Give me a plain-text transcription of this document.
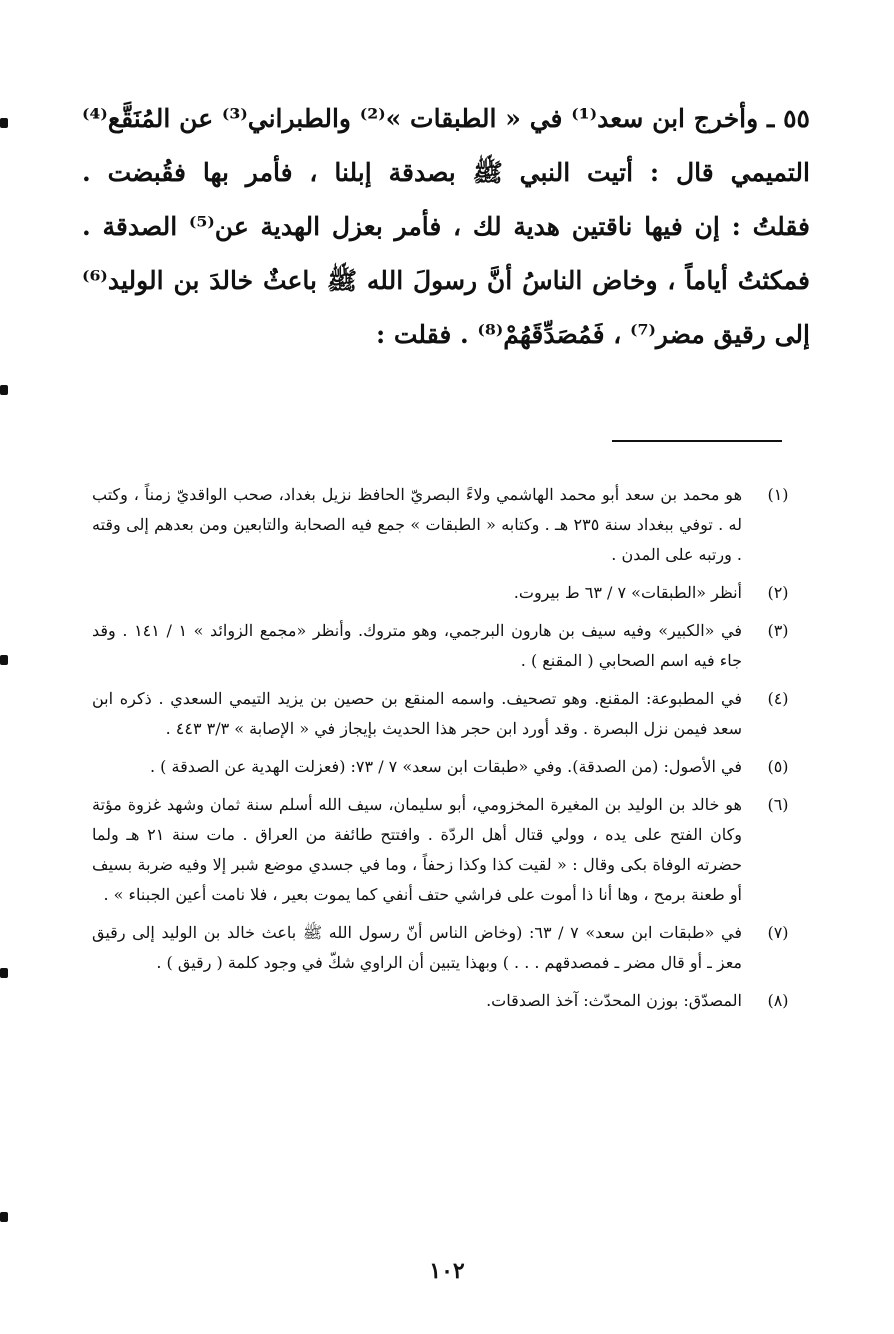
٥٥ ـ وأخرج ابن سعد⁽¹⁾ في « الطبقات »⁽²⁾ والطبراني⁽³⁾ عن المُنَقَّع⁽⁴⁾
التميمي قال : أتيت النبي ﷺ بصدقة إبلنا ، فأمر بها فقُبضت .
فقلتُ : إن فيها ناقتين هدية لك ، فأمر بعزل الهدية عن⁽⁵⁾ الصدقة .
فمكثتُ أياماً ، وخاض الناسُ أنَّ رسولَ الله ﷺ باعثٌ خالدَ بن الوليد⁽⁶⁾
إلى رقيق مضر⁽⁷⁾ ، فَمُصَدِّقَهُمْ⁽⁸⁾ . فقلت :
(١)
هو محمد بن سعد أبو محمد الهاشمي ولاءً البصريّ الحافظ نزيل بغداد، صحب الواقديّ زمناً ، وكتب له . توفي ببغداد سنة ٢٣٥ هـ . وكتابه « الطبقات » جمع فيه الصحابة والتابعين ومن بعدهم إلى وقته . ورتبه على المدن .
(٢)
أنظر «الطبقات» ٧ / ٦٣ ط بيروت.
(٣)
في «الكبير» وفيه سيف بن هارون البرجمي، وهو متروك. وأنظر «مجمع الزوائد » ١ / ١٤١ . وقد جاء فيه اسم الصحابي ( المقنع ) .
(٤)
في المطبوعة: المقنع. وهو تصحيف. واسمه المنقع بن حصين بن يزيد التيمي السعدي . ذكره ابن سعد فيمن نزل البصرة . وقد أورد ابن حجر هذا الحديث بإيجاز في « الإصابة » ٣/٣ ٤٤٣ .
(٥)
في الأصول: (من الصدقة). وفي «طبقات ابن سعد» ٧ / ٧٣: (فعزلت الهدية عن الصدقة ) .
(٦)
هو خالد بن الوليد بن المغيرة المخزومي، أبو سليمان، سيف الله أسلم سنة ثمان وشهد غزوة مؤتة وكان الفتح على يده ، وولي قتال أهل الردّة . وافتتح طائفة من العراق . مات سنة ٢١ هـ ولما حضرته الوفاة بكى وقال : « لقيت كذا وكذا زحفاً ، وما في جسدي موضع شبر إلا وفيه ضربة بسيف أو طعنة برمح ، وها أنا ذا أموت على فراشي حتف أنفي كما يموت بعير ، فلا نامت أعين الجبناء » .
(٧)
في «طبقات ابن سعد» ٧ / ٦٣: (وخاض الناس أنّ رسول الله ﷺ باعث خالد بن الوليد إلى رقيق معز ـ أو قال مضر ـ فمصدقهم . . . ) وبهذا يتبين أن الراوي شكّ في وجود كلمة ( رقيق ) .
(٨)
المصدّق: بوزن المحدّث: آخذ الصدقات.
١٠٢
